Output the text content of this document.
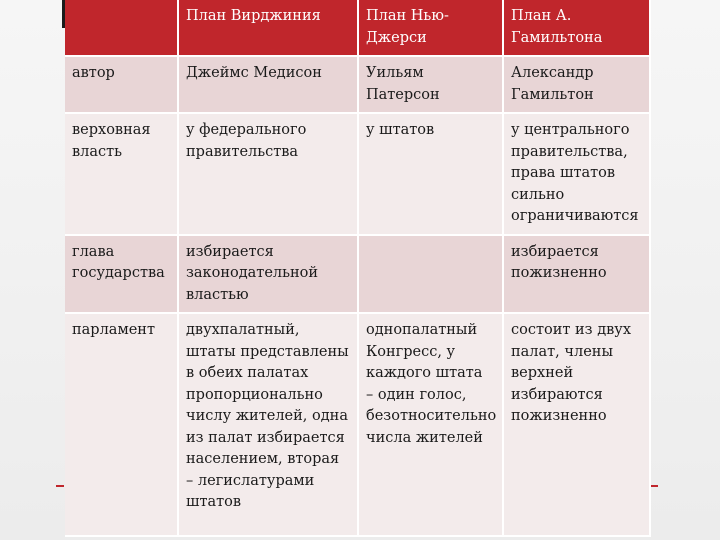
	План Вирджиния	План Нью-Джерси	План А. Гамильтона
автор	Джеймс Медисон	Уильям Патерсон	Александр Гамильтон
верховная власть	у федерального правительства	у штатов	у центрального правительства, права штатов сильно ограничиваются
глава государства	избирается законодательной властью		избирается пожизненно
парламент	двухпалатный, штаты представлены в обеих палатах пропорционально числу жителей, одна из палат избирается населением, вторая – легислатурами штатов	однопалатный Конгресс, у каждого штата – один голос, безотносительно числа жителей	состоит из двух палат, члены верхней избираются пожизненно
